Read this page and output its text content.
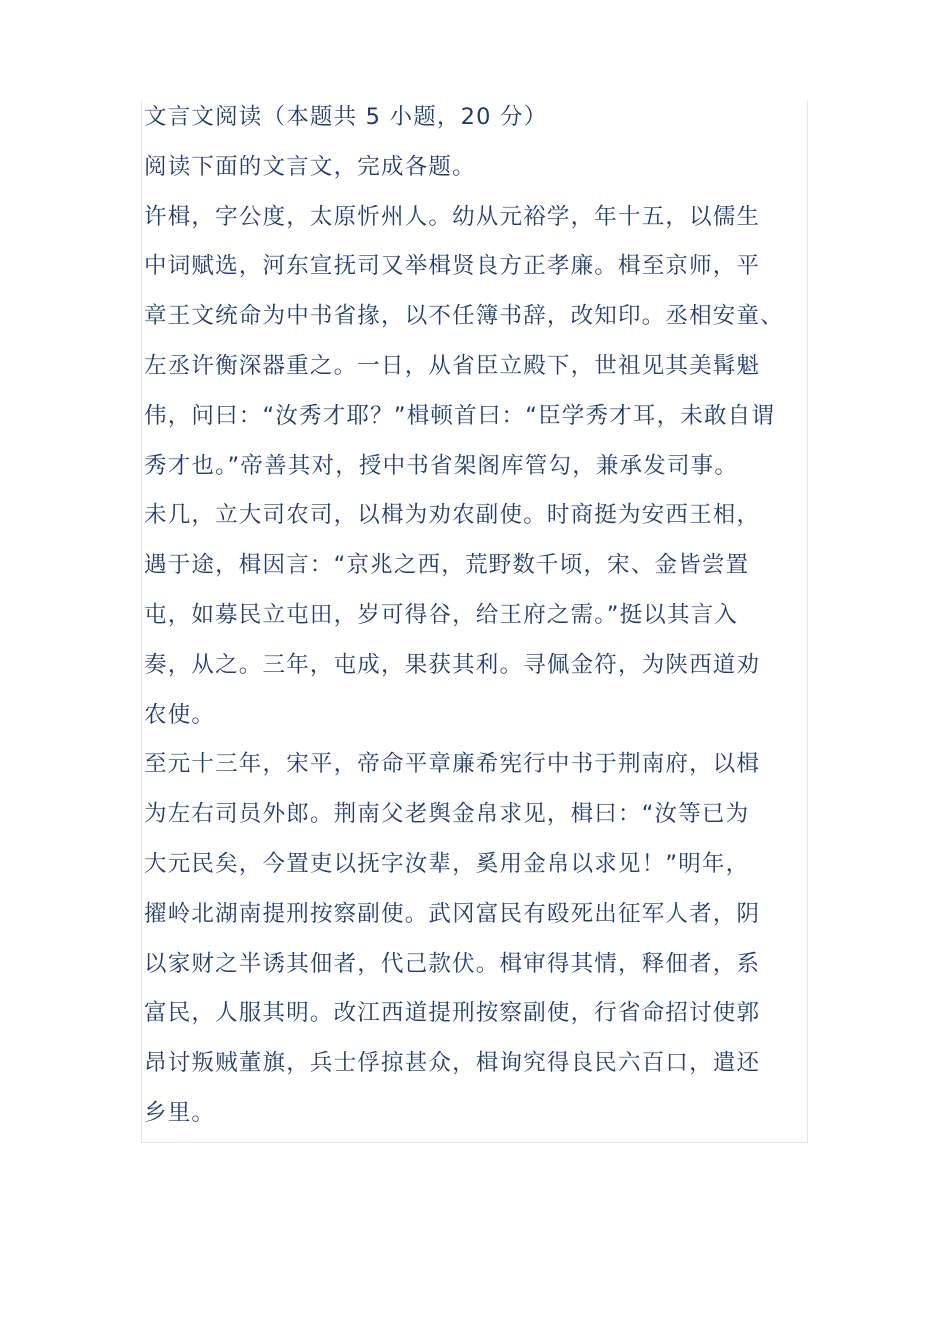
文言文阅读（本题共 5 小题，20 分）
阅读下面的文言文，完成各题。
许楫，字公度，太原忻州人。幼从元裕学，年十五，以儒生
中词赋选，河东宣抚司又举楫贤良方正孝廉。楫至京师，平
章王文统命为中书省掾，以不任簿书辞，改知印。丞相安童、
左丞许衡深器重之。一日，从省臣立殿下，世祖见其美髯魁
伟，问曰：“汝秀才耶？”楫顿首曰：“臣学秀才耳，未敢自谓
秀才也。”帝善其对，授中书省架阁库管勾，兼承发司事。
未几，立大司农司，以楫为劝农副使。时商挺为安西王相，
遇于途，楫因言：“京兆之西，荒野数千顷，宋、金皆尝置
屯，如募民立屯田，岁可得谷，给王府之需。”挺以其言入
奏，从之。三年，屯成，果获其利。寻佩金符，为陕西道劝
农使。
至元十三年，宋平，帝命平章廉希宪行中书于荆南府，以楫
为左右司员外郎。荆南父老舆金帛求见，楫曰：“汝等已为
大元民矣，今置吏以抚字汝辈，奚用金帛以求见！”明年，
擢岭北湖南提刑按察副使。武冈富民有殴死出征军人者，阴
以家财之半诱其佃者，代己款伏。楫审得其情，释佃者，系
富民，人服其明。改江西道提刑按察副使，行省命招讨使郭
昂讨叛贼董旗，兵士俘掠甚众，楫询究得良民六百口，遣还
乡里。
